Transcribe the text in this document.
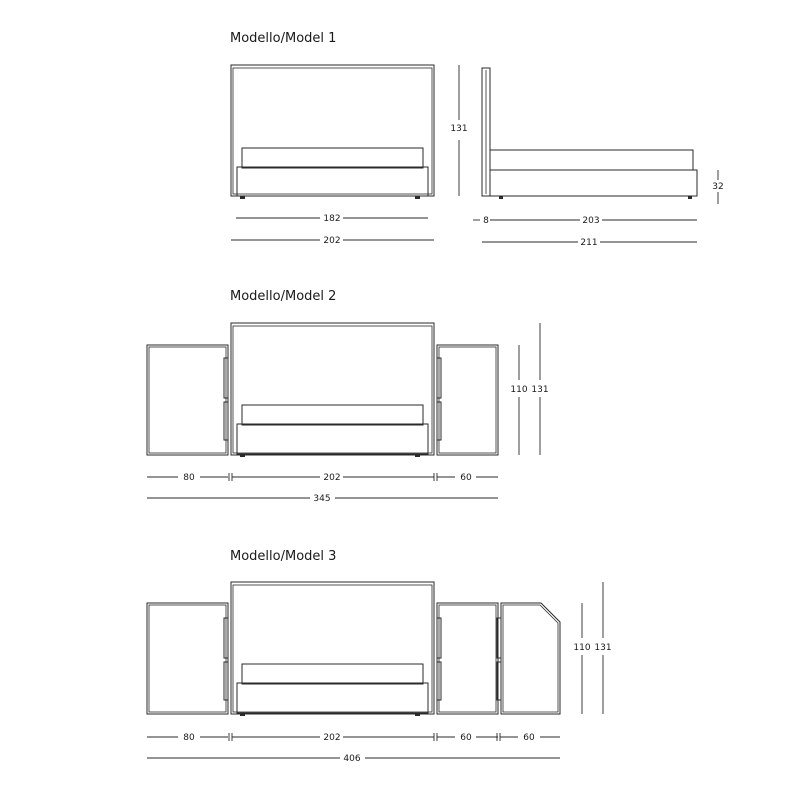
Modello/Model 1
182
202
131
8	203
211
32
Modello/Model 2
80	202	60
345
110 131
Modello/Model 3
80	202	60	60
406
110 131
